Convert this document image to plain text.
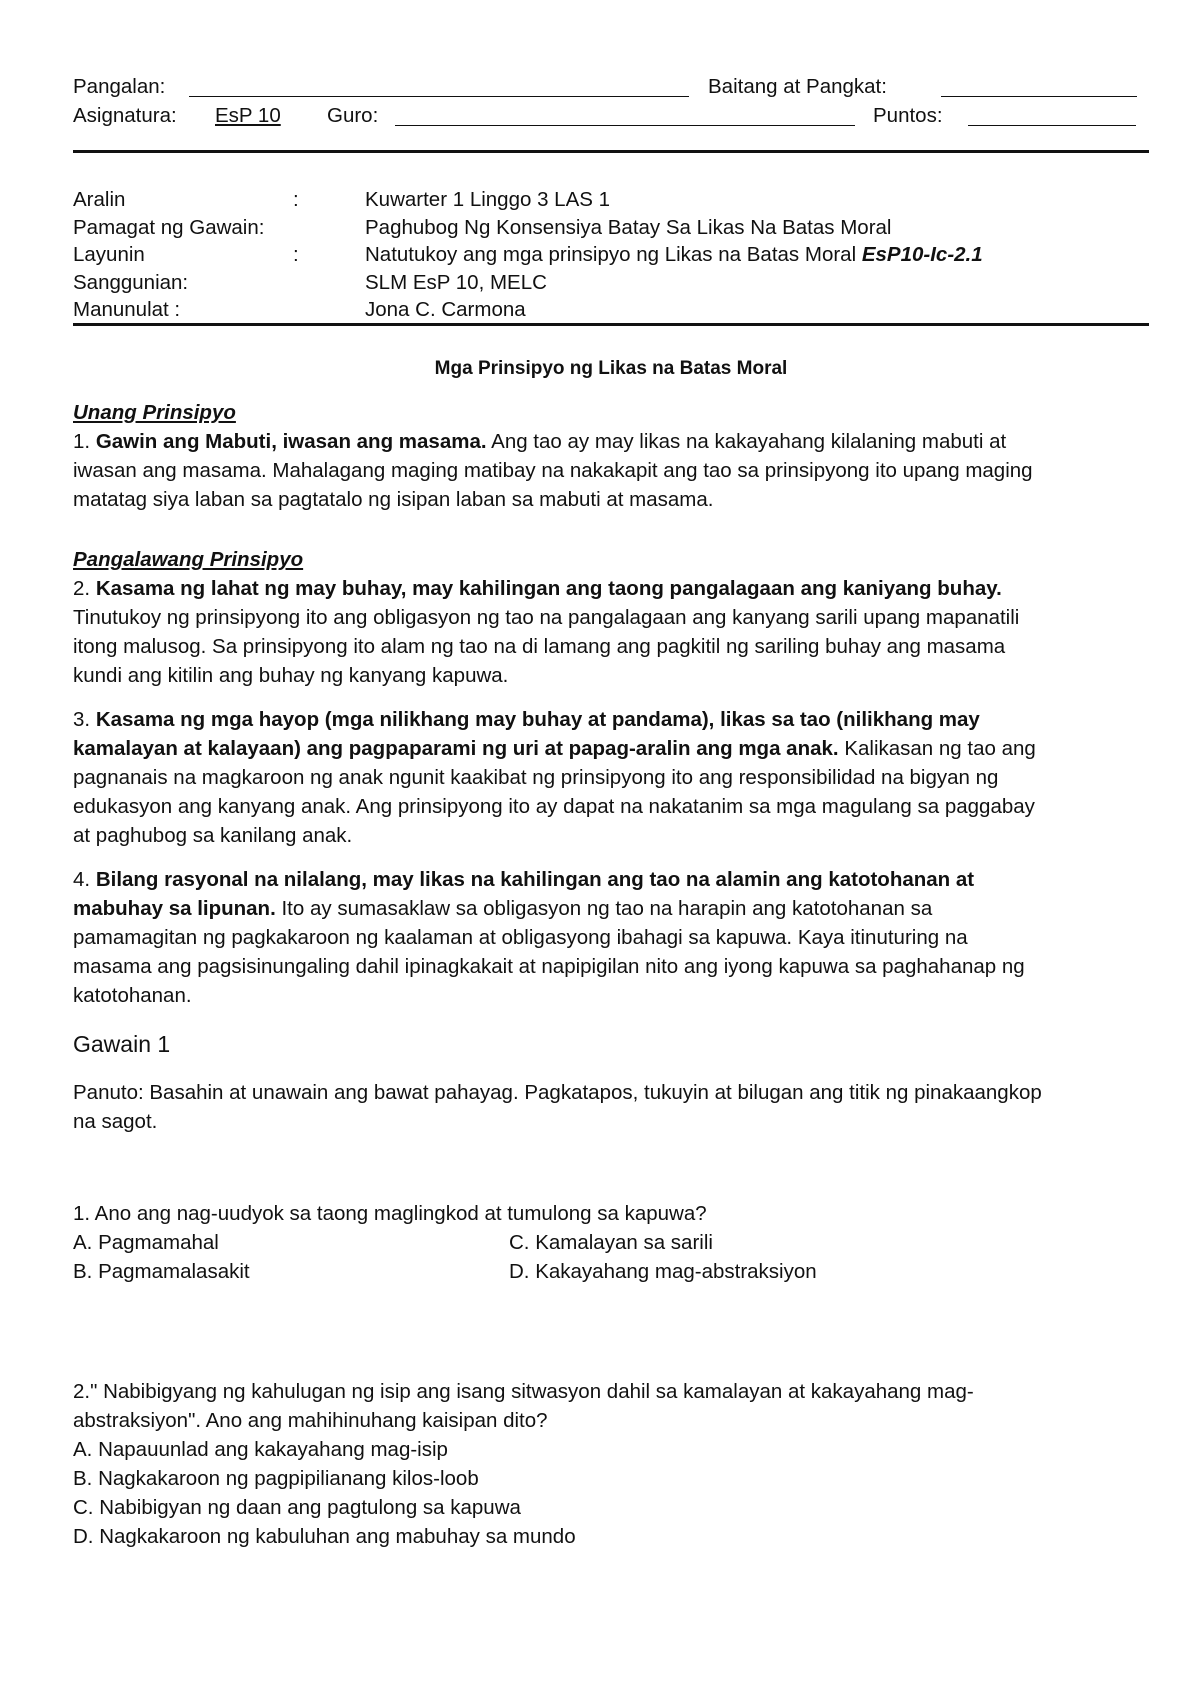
Pangalan:	Baitang at Pangkat:
Asignatura: EsP 10 Guro:	Puntos:
Aralin	:	Kuwarter 1 Linggo 3 LAS 1
Pamagat ng Gawain:	Paghubog Ng Konsensiya Batay Sa Likas Na Batas Moral
Layunin	:	Natutukoy ang mga prinsipyo ng Likas na Batas Moral EsP10-Ic-2.1
Sanggunian:	SLM EsP 10, MELC
Manunulat :	Jona C. Carmona
Mga Prinsipyo ng Likas na Batas Moral
Unang Prinsipyo
1. Gawin ang Mabuti, iwasan ang masama. Ang tao ay may likas na kakayahang kilalaning mabuti at
iwasan ang masama. Mahalagang maging matibay na nakakapit ang tao sa prinsipyong ito upang maging
matatag siya laban sa pagtatalo ng isipan laban sa mabuti at masama.
Pangalawang Prinsipyo
2. Kasama ng lahat ng may buhay, may kahilingan ang taong pangalagaan ang kaniyang buhay.
Tinutukoy ng prinsipyong ito ang obligasyon ng tao na pangalagaan ang kanyang sarili upang mapanatili
itong malusog. Sa prinsipyong ito alam ng tao na di lamang ang pagkitil ng sariling buhay ang masama
kundi ang kitilin ang buhay ng kanyang kapuwa.
3. Kasama ng mga hayop (mga nilikhang may buhay at pandama), likas sa tao (nilikhang may
kamalayan at kalayaan) ang pagpaparami ng uri at papag-aralin ang mga anak. Kalikasan ng tao ang
pagnanais na magkaroon ng anak ngunit kaakibat ng prinsipyong ito ang responsibilidad na bigyan ng
edukasyon ang kanyang anak. Ang prinsipyong ito ay dapat na nakatanim sa mga magulang sa paggabay
at paghubog sa kanilang anak.
4. Bilang rasyonal na nilalang, may likas na kahilingan ang tao na alamin ang katotohanan at
mabuhay sa lipunan. Ito ay sumasaklaw sa obligasyon ng tao na harapin ang katotohanan sa
pamamagitan ng pagkakaroon ng kaalaman at obligasyong ibahagi sa kapuwa. Kaya itinuturing na
masama ang pagsisinungaling dahil ipinagkakait at napipigilan nito ang iyong kapuwa sa paghahanap ng
katotohanan.
Gawain 1
Panuto: Basahin at unawain ang bawat pahayag. Pagkatapos, tukuyin at bilugan ang titik ng pinakaangkop
na sagot.
1. Ano ang nag-uudyok sa taong maglingkod at tumulong sa kapuwa?
A. Pagmamahal	C. Kamalayan sa sarili
B. Pagmamalasakit	D. Kakayahang mag-abstraksiyon
2." Nabibigyang ng kahulugan ng isip ang isang sitwasyon dahil sa kamalayan at kakayahang mag-
abstraksiyon". Ano ang mahihinuhang kaisipan dito?
A. Napauunlad ang kakayahang mag-isip
B. Nagkakaroon ng pagpipilianang kilos-loob
C. Nabibigyan ng daan ang pagtulong sa kapuwa
D. Nagkakaroon ng kabuluhan ang mabuhay sa mundo
